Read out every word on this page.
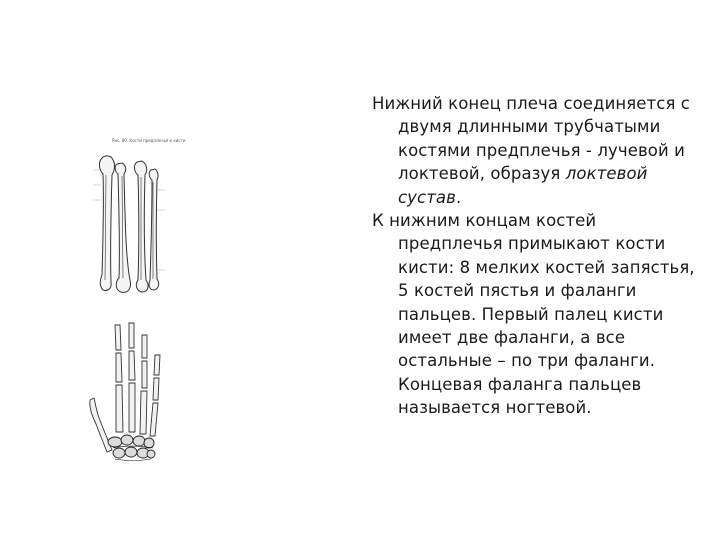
Рис. 80. Кости предплечья и кисти

Нижний конец плеча соединяется с двумя длинными трубчатыми костями предплечья - лучевой и локтевой, образуя локтевой сустав.

К нижним концам костей предплечья примыкают кости кисти: 8 мелких костей запястья, 5 костей пястья и фаланги пальцев. Первый палец кисти имеет две фаланги, а все остальные – по три фаланги. Концевая фаланга пальцев называется ногтевой.
